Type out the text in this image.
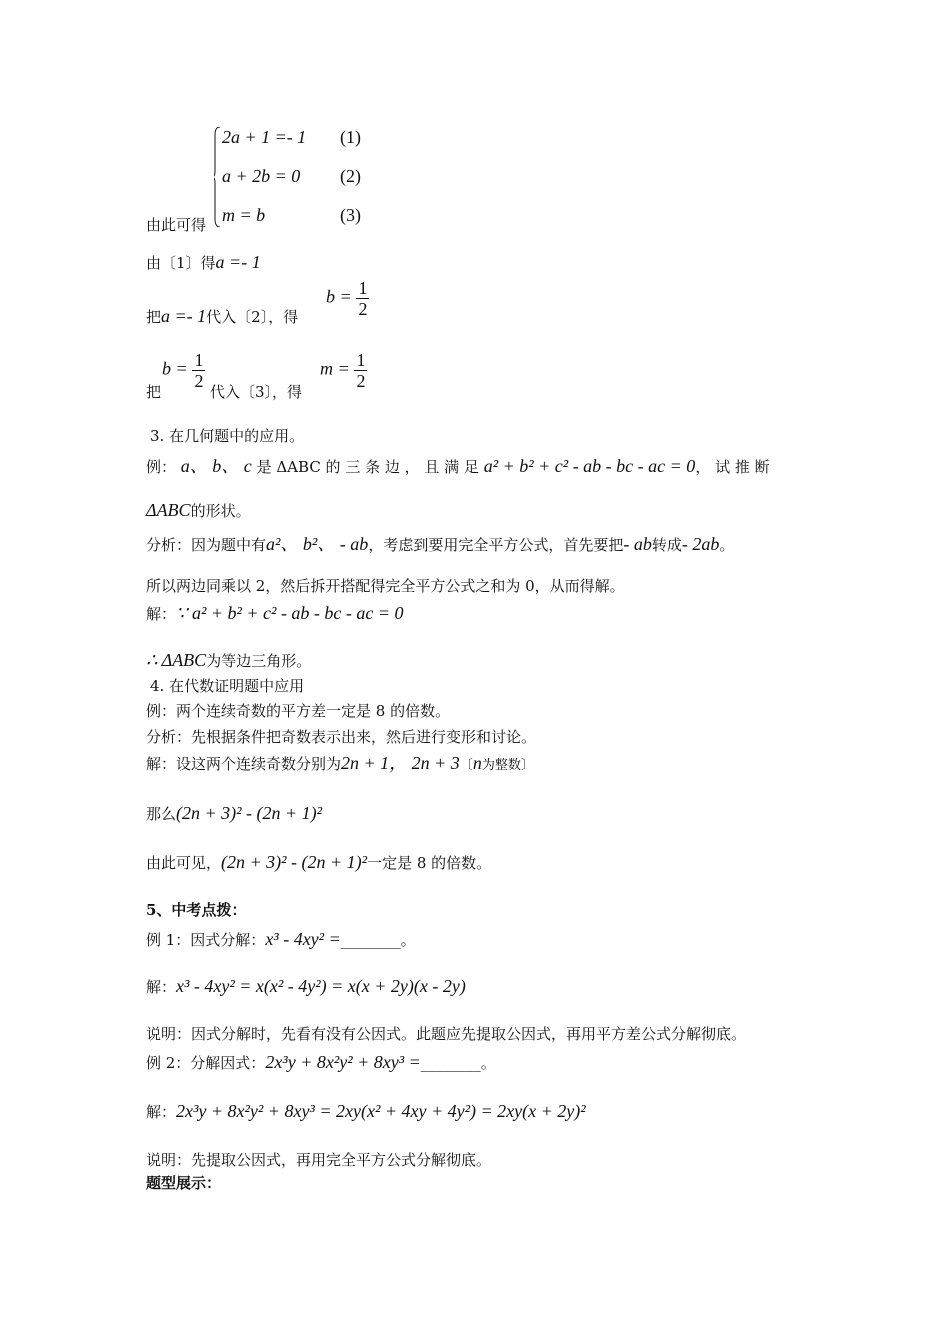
2a + 1 =- 1 (1)
a + 2b = 0 (2)
m = b	(3)
由此可得
由〔1〕得a =- 1
把a =- 1代入〔2〕，得
$b = \frac{1}{2}$
把
$b = \frac{1}{2}$
代入〔3〕，得
$m = \frac{1}{2}$
3. 在几何题中的应用。
例： a、 b、 c 是 ΔABC 的 三 条 边 ， 且 满 足 a² + b² + c² - ab - bc - ac = 0， 试 推 断
ΔABC的形状。
分析：因为题中有a²、 b²、 - ab，考虑到要用完全平方公式，首先要把- ab转成- 2ab。
所以两边同乘以 2，然后拆开搭配得完全平方公式之和为 0，从而得解。
解：∵ a² + b² + c² - ab - bc - ac = 0
∴ ΔABC为等边三角形。
4. 在代数证明题中应用
例：两个连续奇数的平方差一定是 8 的倍数。
分析：先根据条件把奇数表示出来，然后进行变形和讨论。
解：设这两个连续奇数分别为2n + 1， 2n + 3〔n为整数〕
那么(2n + 3)² - (2n + 1)²
由此可见，(2n + 3)² - (2n + 1)²一定是 8 的倍数。
5、中考点拨：
例 1：因式分解：x³ - 4xy² =________。
解：x³ - 4xy² = x(x² - 4y²) = x(x + 2y)(x - 2y)
说明：因式分解时，先看有没有公因式。此题应先提取公因式，再用平方差公式分解彻底。
例 2：分解因式：2x³y + 8x²y² + 8xy³ =________。
解：2x³y + 8x²y² + 8xy³ = 2xy(x² + 4xy + 4y²) = 2xy(x + 2y)²
说明：先提取公因式，再用完全平方公式分解彻底。
题型展示：
